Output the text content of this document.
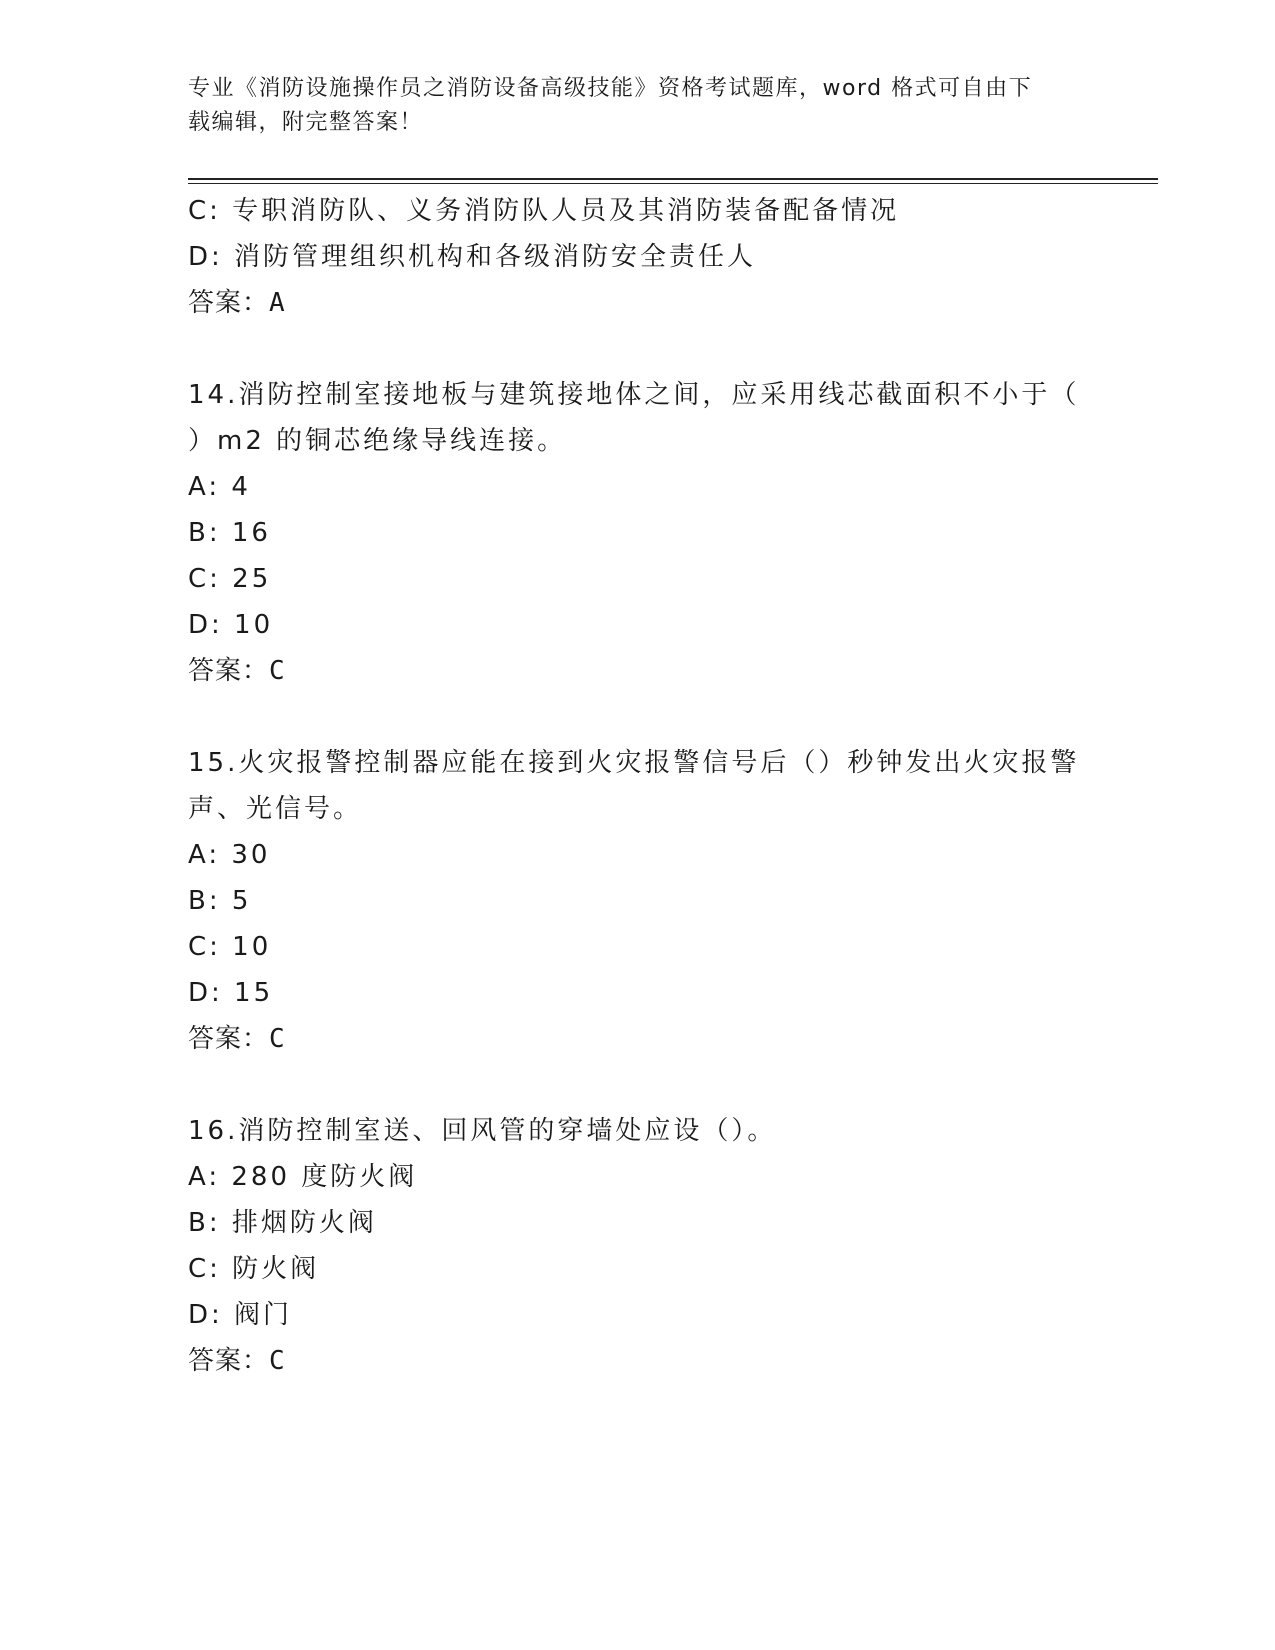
专业《消防设施操作员之消防设备高级技能》资格考试题库，word 格式可自由下
载编辑，附完整答案！
C: 专职消防队、义务消防队人员及其消防装备配备情况
D: 消防管理组织机构和各级消防安全责任人
答案：A
14.消防控制室接地板与建筑接地体之间，应采用线芯截面积不小于（
）m2 的铜芯绝缘导线连接。
A: 4
B: 16
C: 25
D: 10
答案：C
15.火灾报警控制器应能在接到火灾报警信号后（）秒钟发出火灾报警
声、光信号。
A: 30
B: 5
C: 10
D: 15
答案：C
16.消防控制室送、回风管的穿墙处应设（）。
A: 280 度防火阀
B: 排烟防火阀
C: 防火阀
D: 阀门
答案：C
